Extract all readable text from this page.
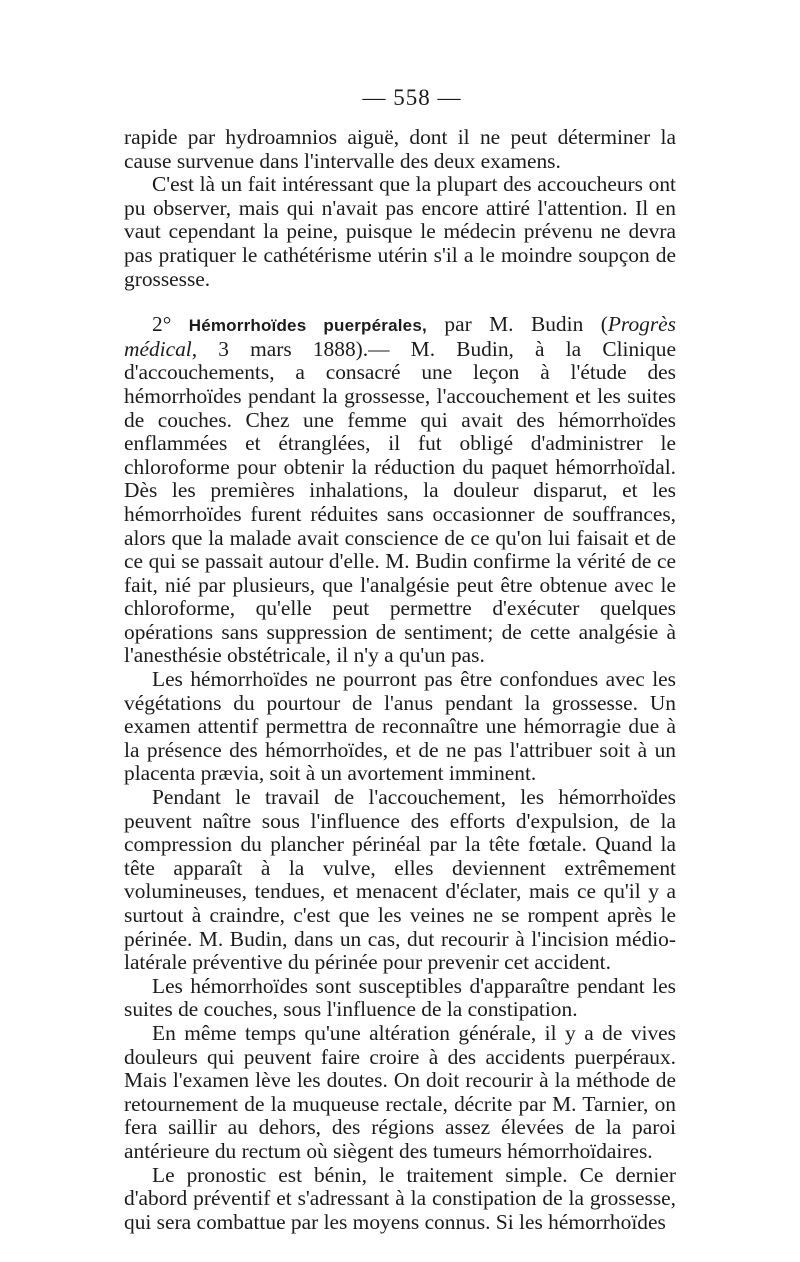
— 558 —

rapide par hydroamnios aiguë, dont il ne peut déterminer la cause survenue dans l'intervalle des deux examens.

C'est là un fait intéressant que la plupart des accoucheurs ont pu observer, mais qui n'avait pas encore attiré l'attention. Il en vaut cependant la peine, puisque le médecin prévenu ne devra pas pratiquer le cathétérisme utérin s'il a le moindre soupçon de grossesse.

2° Hémorrhoïdes puerpérales, par M. Budin (Progrès médical, 3 mars 1888).— M. Budin, à la Clinique d'accouchements, a consacré une leçon à l'étude des hémorrhoïdes pendant la grossesse, l'accouchement et les suites de couches. Chez une femme qui avait des hémorrhoïdes enflammées et étranglées, il fut obligé d'administrer le chloroforme pour obtenir la réduction du paquet hémorrhoïdal. Dès les premières inhalations, la douleur disparut, et les hémorrhoïdes furent réduites sans occasionner de souffrances, alors que la malade avait conscience de ce qu'on lui faisait et de ce qui se passait autour d'elle. M. Budin confirme la vérité de ce fait, nié par plusieurs, que l'analgésie peut être obtenue avec le chloroforme, qu'elle peut permettre d'exécuter quelques opérations sans suppression de sentiment; de cette analgésie à l'anesthésie obstétricale, il n'y a qu'un pas.

Les hémorrhoïdes ne pourront pas être confondues avec les végétations du pourtour de l'anus pendant la grossesse. Un examen attentif permettra de reconnaître une hémorragie due à la présence des hémorrhoïdes, et de ne pas l'attribuer soit à un placenta prævia, soit à un avortement imminent.

Pendant le travail de l'accouchement, les hémorrhoïdes peuvent naître sous l'influence des efforts d'expulsion, de la compression du plancher périnéal par la tête fœtale. Quand la tête apparaît à la vulve, elles deviennent extrêmement volumineuses, tendues, et menacent d'éclater, mais ce qu'il y a surtout à craindre, c'est que les veines ne se rompent après le périnée. M. Budin, dans un cas, dut recourir à l'incision médio-latérale préventive du périnée pour prevenir cet accident.

Les hémorrhoïdes sont susceptibles d'apparaître pendant les suites de couches, sous l'influence de la constipation.

En même temps qu'une altération générale, il y a de vives douleurs qui peuvent faire croire à des accidents puerpéraux. Mais l'examen lève les doutes. On doit recourir à la méthode de retournement de la muqueuse rectale, décrite par M. Tarnier, on fera saillir au dehors, des régions assez élevées de la paroi antérieure du rectum où siègent des tumeurs hémorrhoïdaires.

Le pronostic est bénin, le traitement simple. Ce dernier d'abord préventif et s'adressant à la constipation de la grossesse, qui sera combattue par les moyens connus. Si les hémorrhoïdes
